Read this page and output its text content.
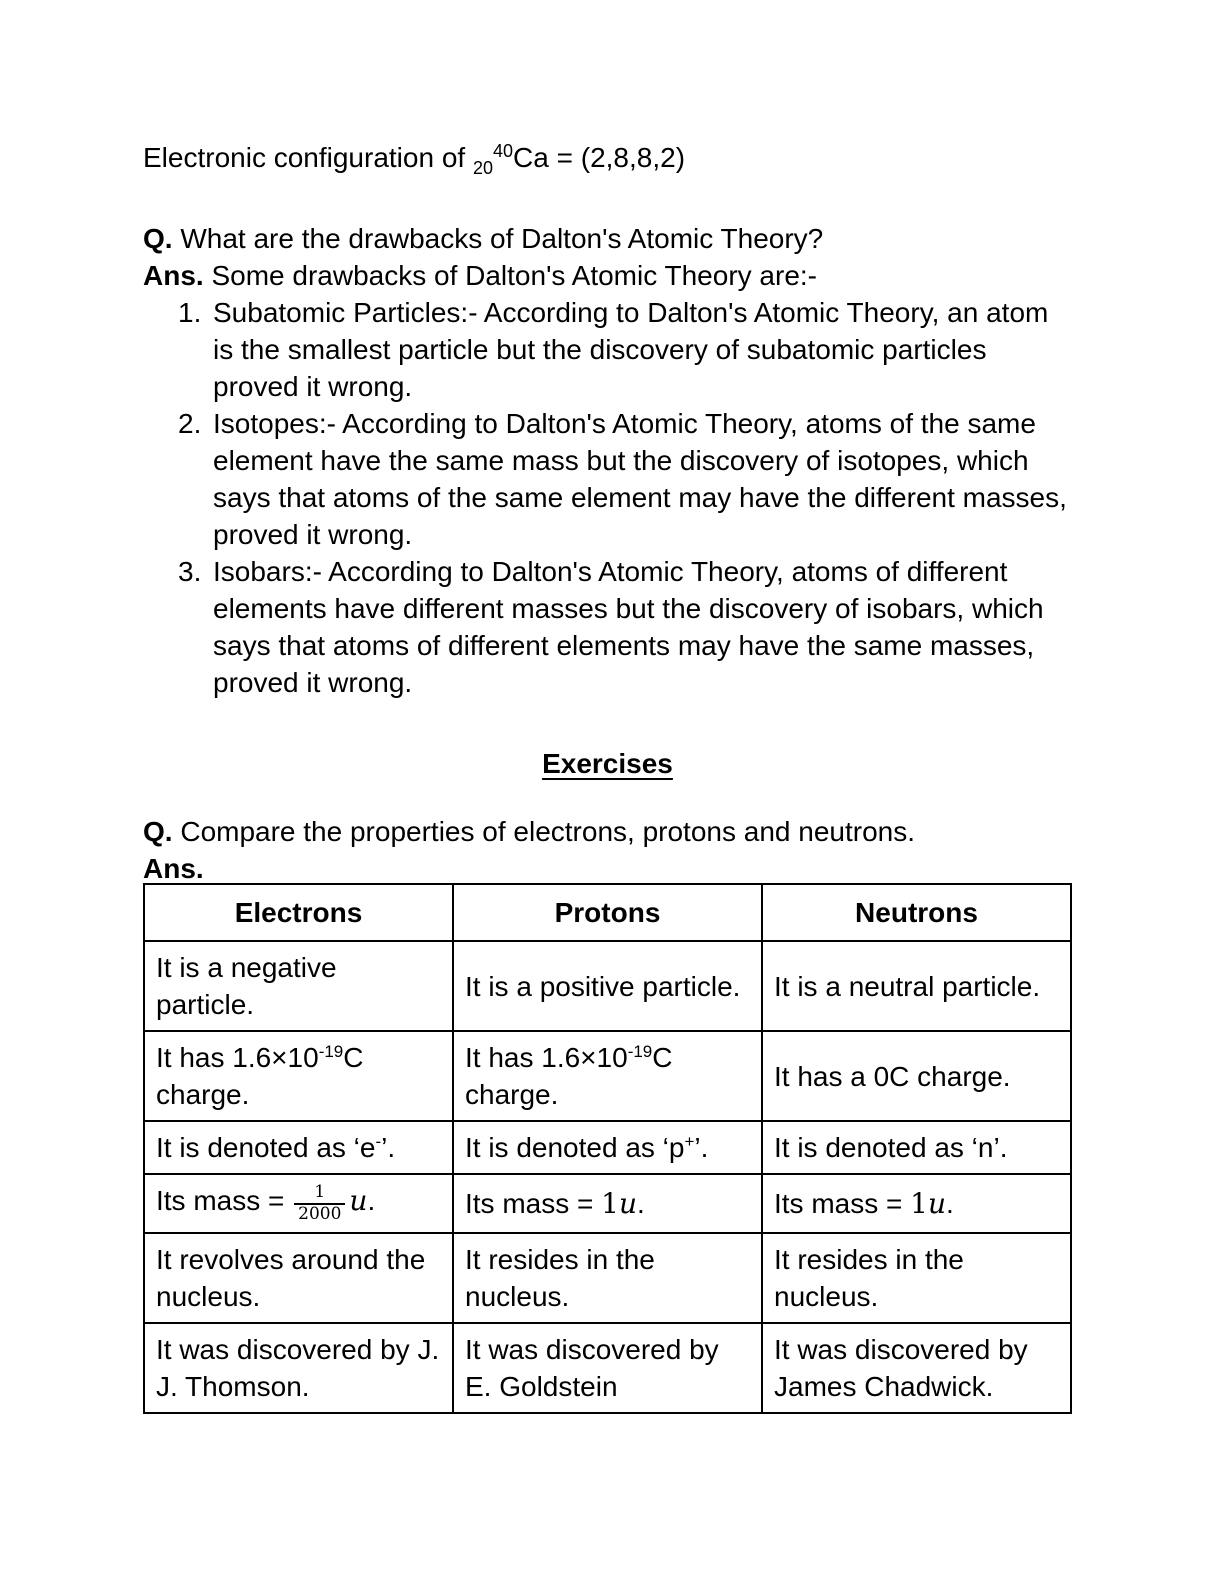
Electronic configuration of $_{20}^{40}$Ca = (2,8,8,2)

Q. What are the drawbacks of Dalton's Atomic Theory?

Ans. Some drawbacks of Dalton's Atomic Theory are:-

1. Subatomic Particles:- According to Dalton's Atomic Theory, an atom is the smallest particle but the discovery of subatomic particles proved it wrong.
2. Isotopes:- According to Dalton's Atomic Theory, atoms of the same element have the same mass but the discovery of isotopes, which says that atoms of the same element may have the different masses, proved it wrong.
3. Isobars:- According to Dalton's Atomic Theory, atoms of different elements have different masses but the discovery of isobars, which says that atoms of different elements may have the same masses, proved it wrong.

Exercises

Q. Compare the properties of electrons, protons and neutrons.

Ans.

Electrons	Protons	Neutrons
It is a negative particle.	It is a positive particle.	It is a neutral particle.
It has $1.6\times 10^{-19}C$ charge.	It has $1.6\times 10^{-19}C$ charge.	It has a 0C charge.
It is denoted as ‘e-’.	It is denoted as ‘p+’.	It is denoted as ‘n’.
Its mass = $\frac{1}{2000} u$.	Its mass = 1u.	Its mass = 1u.
It revolves around the nucleus.	It resides in the nucleus.	It resides in the nucleus.
It was discovered by J. J. Thomson.	It was discovered by E. Goldstein	It was discovered by James Chadwick.
